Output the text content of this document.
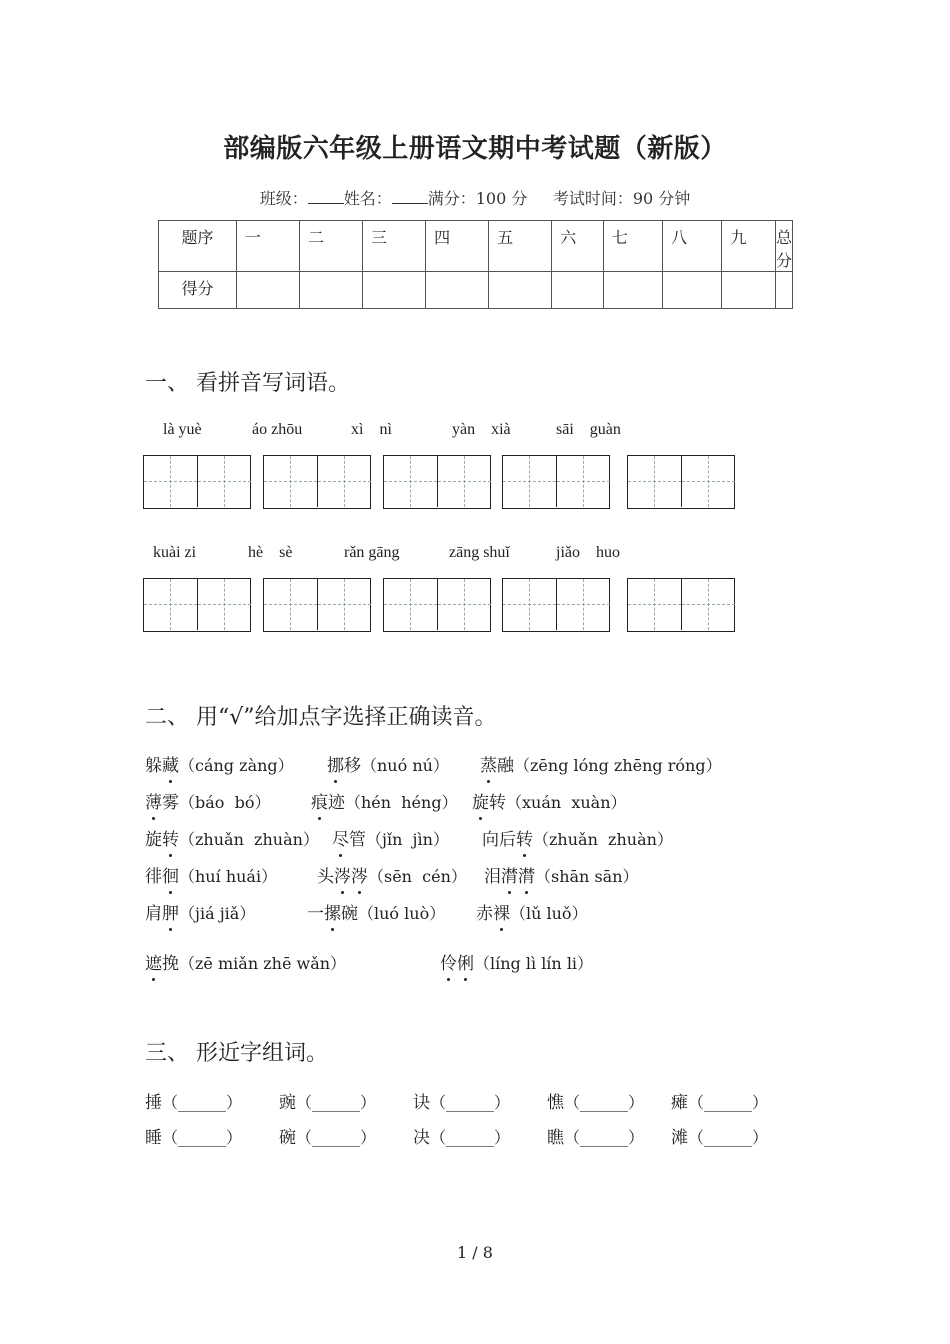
部编版六年级上册语文期中考试题（新版）
班级： 姓名： 满分：100 分 考试时间：90 分钟
题序	一	二	三	四	五	六	七	八	九	总分
得分										
一、 看拼音写词语。
là yuè	áo zhōu	xì    nì	yàn    xià	sāi    guàn
kuài zi	hè    sè	rǎn gāng	zāng shuǐ	jiǎo    huo
二、 用“√”给加点字选择正确读音。
躲藏（cáng zàng） 挪移（nuó nú） 蒸融（zēng lóng zhēng róng）
薄雾（báo  bó） 痕迹（hén  héng） 旋转（xuán  xuàn）
旋转（zhuǎn  zhuàn） 尽管（jǐn  jìn） 向后转（zhuǎn  zhuàn）
徘徊（huí huái） 头涔涔（sēn  cén） 泪潸潸（shān sān）
肩胛（jiá jiǎ）	一摞碗（luó luò） 赤裸（lǔ luǒ）
遮挽（zē miǎn zhē wǎn）	伶俐（líng lì lín li）
三、 形近字组词。
捶（______） 豌（______） 诀（______） 憔（______） 瘫（______）
睡（______） 碗（______） 决（______） 瞧（______） 滩（______）
1 / 8
